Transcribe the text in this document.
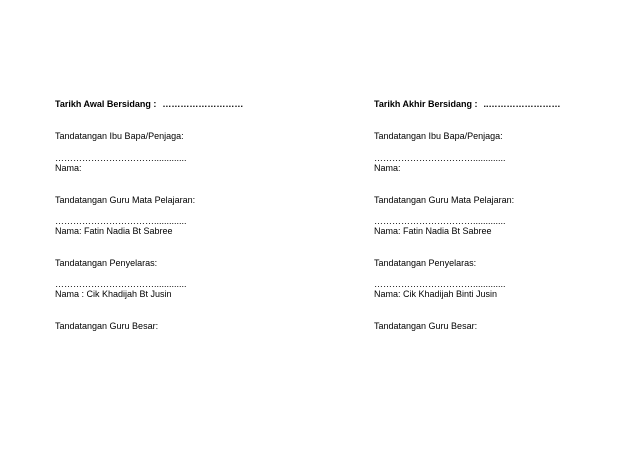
Tarikh Awal Bersidang : ………………………
Tandatangan Ibu Bapa/Penjaga:
…………………………….............
Nama:
Tandatangan Guru Mata Pelajaran:
…………………………….............
Nama: Fatin Nadia Bt Sabree
Tandatangan Penyelaras:
…………………………….............
Nama : Cik Khadijah Bt Jusin
Tandatangan Guru Besar:
Tarikh Akhir Bersidang : ..……………………
Tandatangan Ibu Bapa/Penjaga:
…………………………….............
Nama:
Tandatangan Guru Mata Pelajaran:
…………………………….............
Nama: Fatin Nadia Bt Sabree
Tandatangan Penyelaras:
…………………………….............
Nama: Cik Khadijah Binti Jusin
Tandatangan Guru Besar:
